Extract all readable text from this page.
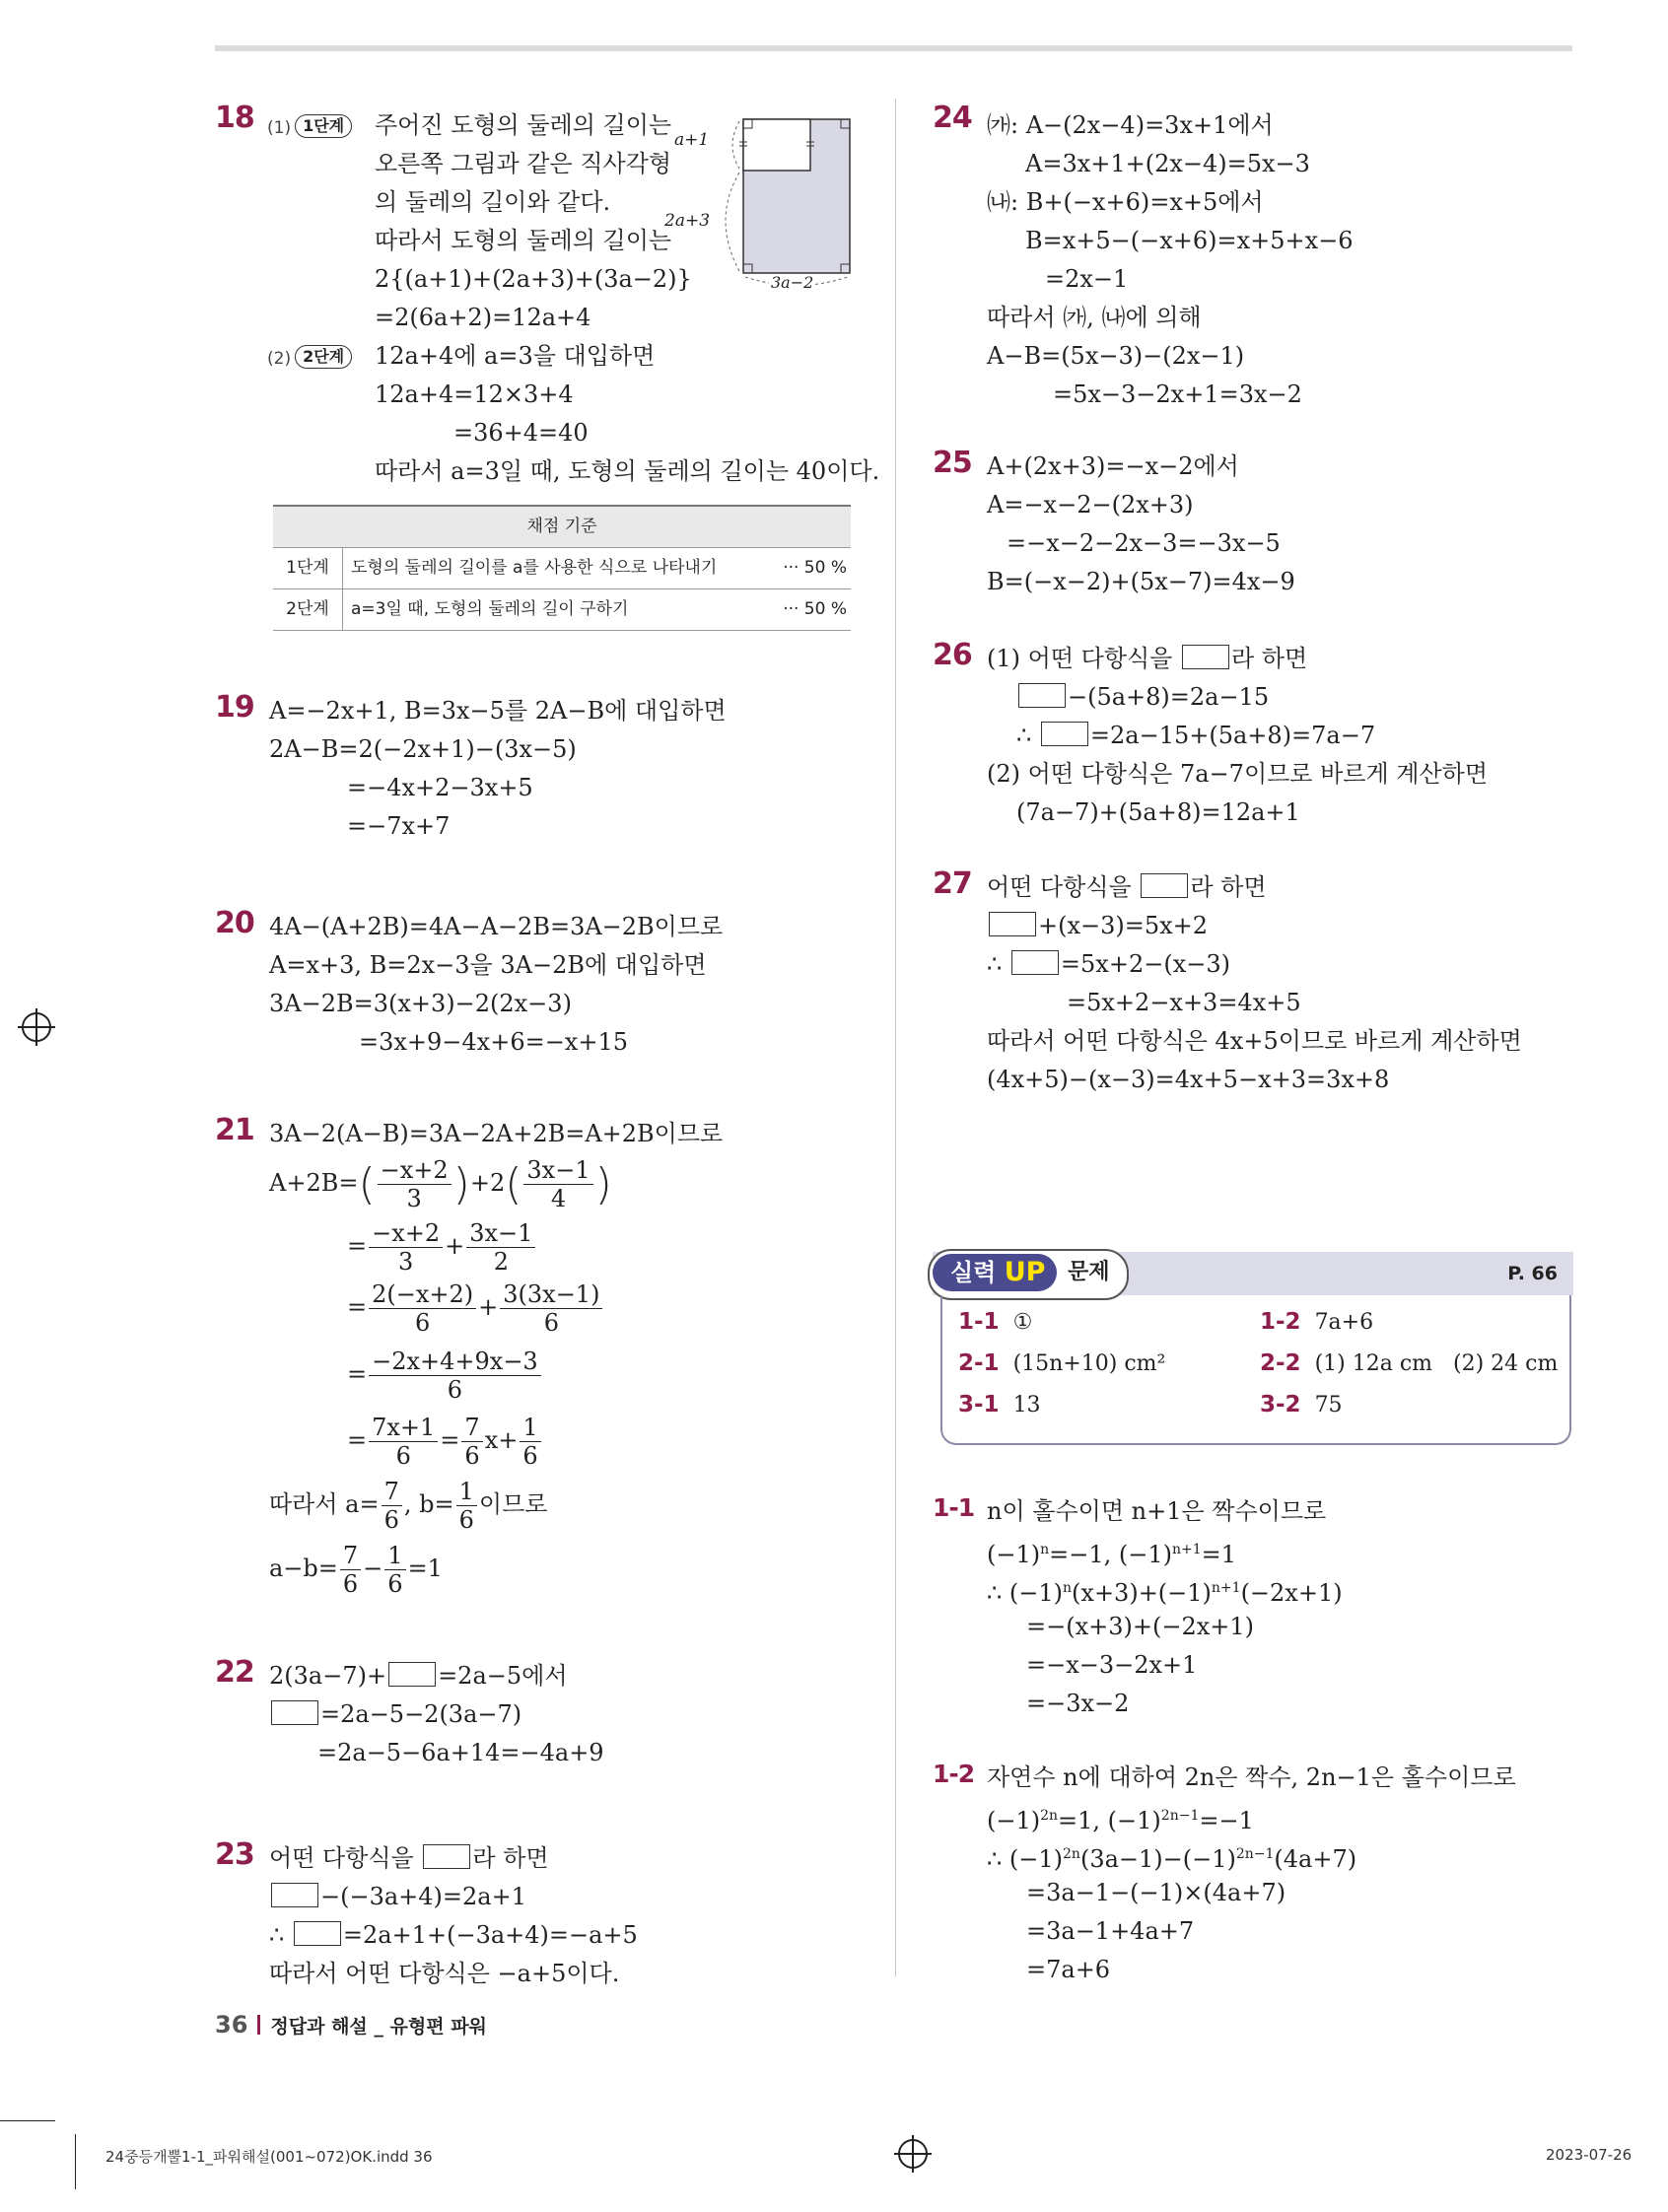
18 (1) 1단계	주어진 도형의 둘레의 길이는
오른쪽 그림과 같은 직사각형
의 둘레의 길이와 같다.
따라서 도형의 둘레의 길이는
2{(a+1)+(2a+3)+(3a−2)}
=2(6a+2)=12a+4
(2) 2단계	12a+4에 a=3을 대입하면
12a+4=12×3+4
=36+4=40
따라서 a=3일 때, 도형의 둘레의 길이는 40이다.
a+1
2a+3
3a−2
채점 기준		
1단계	도형의 둘레의 길이를 a를 사용한 식으로 나타내기	··· 50 %
2단계	a=3일 때, 도형의 둘레의 길이 구하기	··· 50 %
19 A=−2x+1, B=3x−5를 2A−B에 대입하면
2A−B=2(−2x+1)−(3x−5)
=−4x+2−3x+5
=−7x+7
20 4A−(A+2B)=4A−A−2B=3A−2B이므로
A=x+3, B=2x−3을 3A−2B에 대입하면
3A−2B=3(x+3)−2(2x−3)
=3x+9−4x+6=−x+15
21 3A−2(A−B)=3A−2A+2B=A+2B이므로
$A+2B=( \frac{-x+2}{3} )+2( \frac{3x-1}{4}$ )
= $\frac{-x+2}{3} + \frac{3x-1}{2}$
= $\frac{2(-x+2)}{6} + \frac{3(3x-1)}{6}$
= $\frac{-2x+4+9x-3}{6}$
= $\frac{7x+1}{6} = \frac{7}{6} x+ \frac{1}{6}$
따라서 $a= \frac{7}{6}$ , $b= \frac{1}{6}$ 이므로
$a-b= \frac{7}{6} - \frac{1}{6} =1$
22 2(3a−7)+ =2a−5에서
=2a−5−2(3a−7)
=2a−5−6a+14=−4a+9
23 어떤 다항식을 라 하면
−(−3a+4)=2a+1
∴ =2a+1+(−3a+4)=−a+5
따라서 어떤 다항식은 −a+5이다.
24 ㈎: A−(2x−4)=3x+1에서
A=3x+1+(2x−4)=5x−3
㈏: B+(−x+6)=x+5에서
B=x+5−(−x+6)=x+5+x−6
=2x−1
따라서 ㈎, ㈏에 의해
A−B=(5x−3)−(2x−1)
=5x−3−2x+1=3x−2
25 A+(2x+3)=−x−2에서
A=−x−2−(2x+3)
=−x−2−2x−3=−3x−5
B=(−x−2)+(5x−7)=4x−9
26 (1) 어떤 다항식을 라 하면
−(5a+8)=2a−15
∴ =2a−15+(5a+8)=7a−7
(2) 어떤 다항식은 7a−7이므로 바르게 계산하면
(7a−7)+(5a+8)=12a+1
27 어떤 다항식을 라 하면
+(x−3)=5x+2
∴ =5x+2−(x−3)
=5x+2−x+3=4x+5
따라서 어떤 다항식은 4x+5이므로 바르게 계산하면
(4x+5)−(x−3)=4x+5−x+3=3x+8
실력 UP	문제	P. 66
1-1 ①	1-2 7a+6
2-1 (15n+10) cm²	2-2 (1) 12a cm   (2) 24 cm
3-1 13	3-2 75
1-1 n이 홀수이면 n+1은 짝수이므로
$(-1)^n=-1$, $(-1)^{n+1}=1$
∴ $(-1)^n(x+3)+(-1)^{n+1}(-2x+1)$
=−(x+3)+(−2x+1)
=−x−3−2x+1
=−3x−2
1-2 자연수 n에 대하여 2n은 짝수, 2n−1은 홀수이므로
$(-1)^{2n}=1$, $(-1)^{2n-1}=-1$
∴ $(-1)^{2n}(3a-1)-(-1)^{2n-1}(4a+7)$
=3a−1−(−1)×(4a+7)
=3a−1+4a+7
=7a+6
36 정답과 해설 _ 유형편 파워
24중등개뿔1-1_파워해설(001~072)OK.indd 36	2023-07-26
